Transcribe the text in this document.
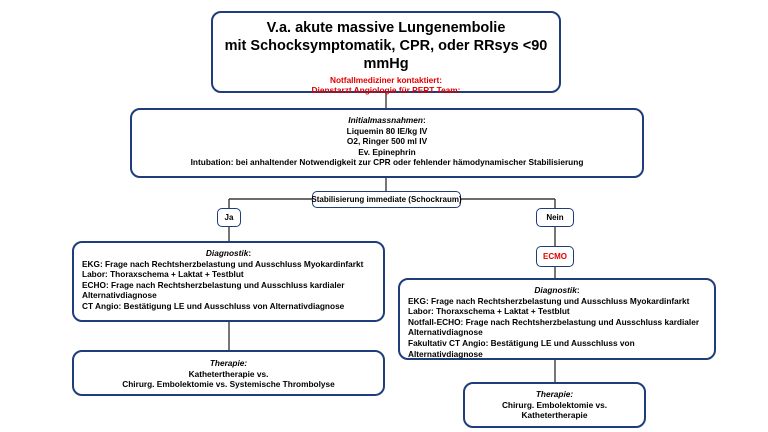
V.a. akute massive Lungenembolie
mit Schocksymptomatik, CPR, oder RRsys <90 mmHg
Notfallmediziner kontaktiert:
Dienstarzt Angiologie für PERT Team:
Initialmassnahmen:
Liquemin 80 IE/kg IV
O2, Ringer 500 ml IV
Ev. Epinephrin
Intubation: bei anhaltender Notwendigkeit zur CPR oder fehlender hämodynamischer Stabilisierung
Stabilisierung immediate (Schockraum)
Ja	Nein
ECMO
Diagnostik:
EKG: Frage nach Rechtsherzbelastung und Ausschluss Myokardinfarkt
Labor: Thoraxschema + Laktat + Testblut
ECHO: Frage nach Rechtsherzbelastung und Ausschluss kardialer
Alternativdiagnose
CT Angio: Bestätigung LE und Ausschluss von Alternativdiagnose
Therapie:
Kathetertherapie vs.
Chirurg. Embolektomie vs. Systemische Thrombolyse
Diagnostik:
EKG: Frage nach Rechtsherzbelastung und Ausschluss Myokardinfarkt
Labor: Thoraxschema + Laktat + Testblut
Notfall-ECHO: Frage nach Rechtsherzbelastung und Ausschluss kardialer
Alternativdiagnose
Fakultativ CT Angio: Bestätigung LE und Ausschluss von Alternativdiagnose
Therapie:
Chirurg. Embolektomie vs.
Kathetertherapie
